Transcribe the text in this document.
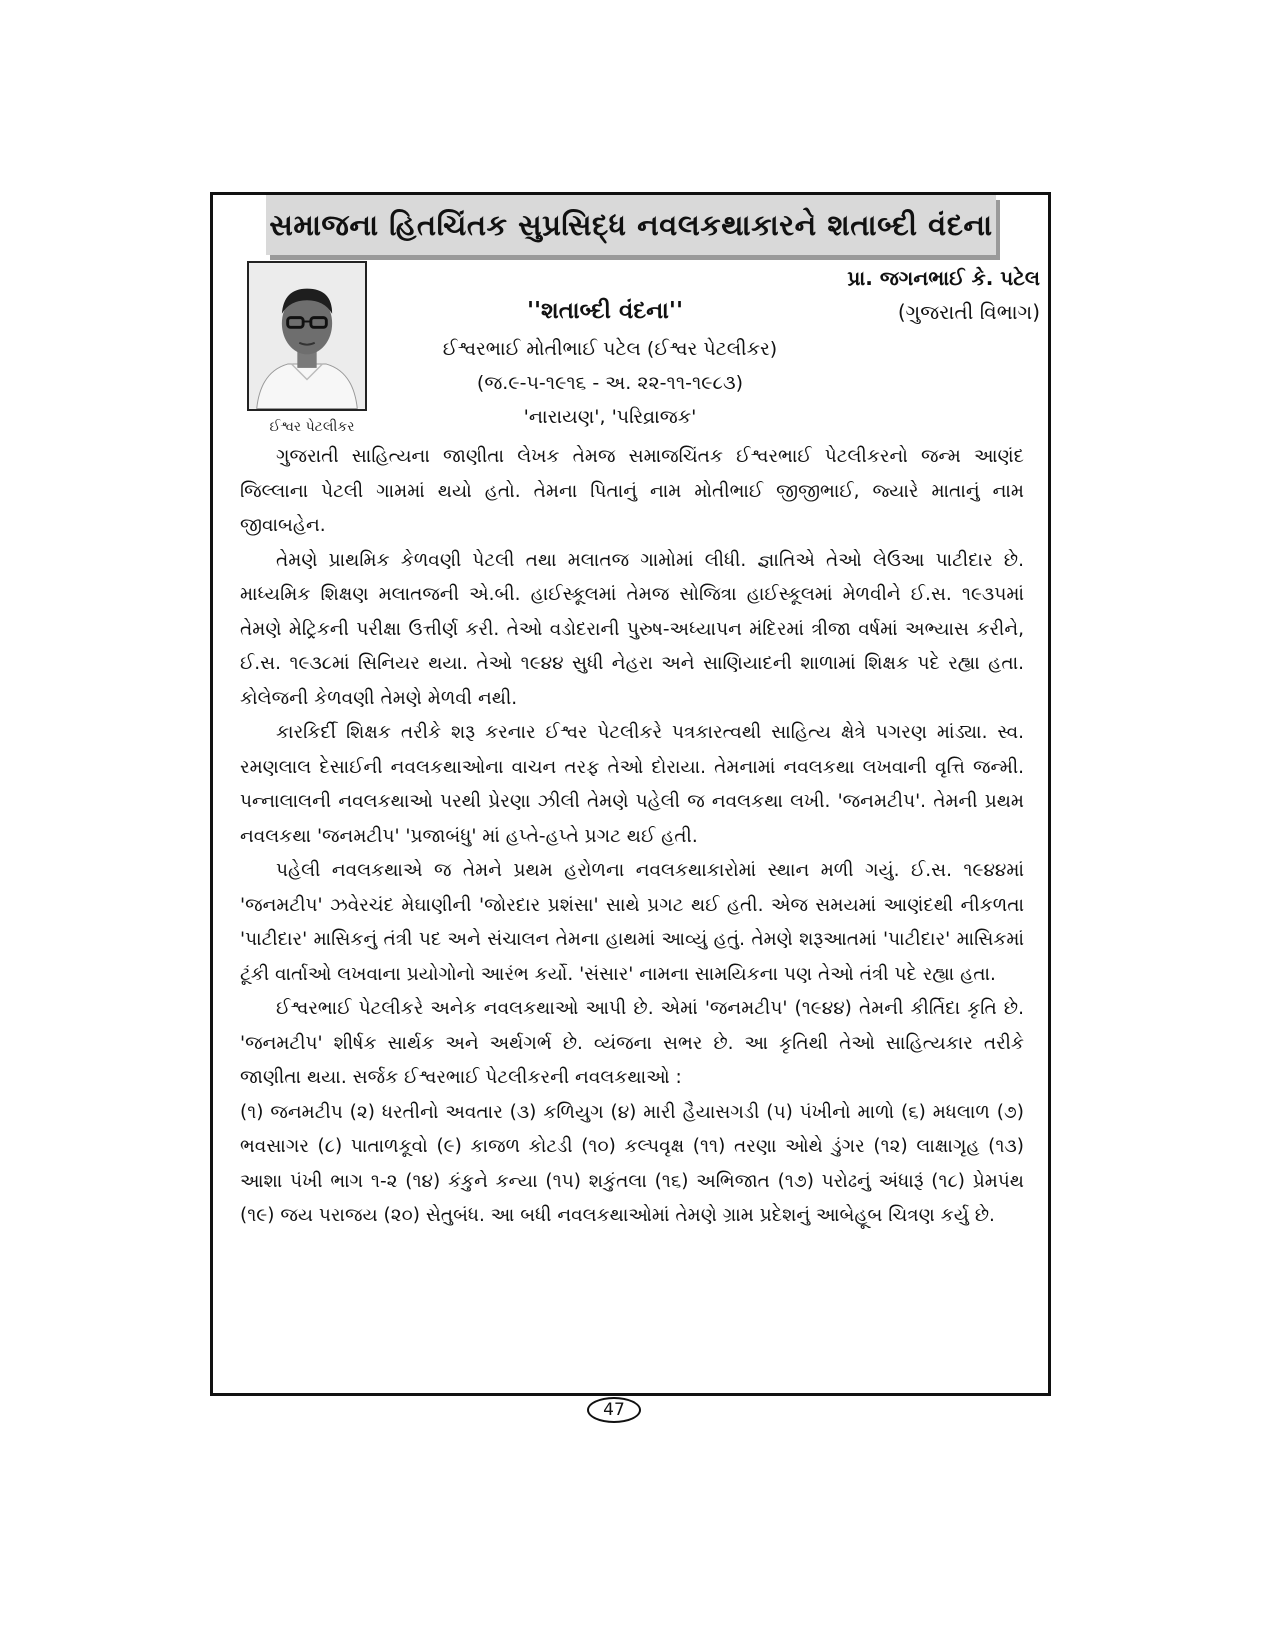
સમાજના હિતચિંતક સુપ્રસિદ્ધ નવલકથાકારને શતાબ્દી વંદના
ઈશ્વર પેટલીકર
પ્રા. જગનભાઈ કે. પટેલ
(ગુજરાતી વિભાગ)
''શતાબ્દી વંદના''
ઈશ્વરભાઈ મોતીભાઈ પટેલ (ઈશ્વર પેટલીકર)
(જ.૯-૫-૧૯૧૬ - અ. ૨૨-૧૧-૧૯૮૩)
'નારાયણ', 'પરિવ્રાજક'

ગુજરાતી સાહિત્યના જાણીતા લેખક તેમજ સમાજચિંતક ઈશ્વરભાઈ પેટલીકરનો જન્મ આણંદ જિલ્લાના પેટલી ગામમાં થયો હતો. તેમના પિતાનું નામ મોતીભાઈ જીજીભાઈ, જ્યારે માતાનું નામ જીવાબહેન.

તેમણે પ્રાથમિક કેળવણી પેટલી તથા મલાતજ ગામોમાં લીધી. જ્ઞાતિએ તેઓ લેઉઆ પાટીદાર છે. માધ્યમિક શિક્ષણ મલાતજની એ.બી. હાઈસ્કૂલમાં તેમજ સોજિત્રા હાઈસ્કૂલમાં મેળવીને ઈ.સ. ૧૯૩૫માં તેમણે મેટ્રિકની પરીક્ષા ઉત્તીર્ણ કરી. તેઓ વડોદરાની પુરુષ-અધ્યાપન મંદિરમાં ત્રીજા વર્ષમાં અભ્યાસ કરીને, ઈ.સ. ૧૯૩૮માં સિનિયર થયા. તેઓ ૧૯૪૪ સુધી નેહરા અને સાણિયાદની શાળામાં શિક્ષક પદે રહ્યા હતા. કોલેજની કેળવણી તેમણે મેળવી નથી.

કારકિર્દી શિક્ષક તરીકે શરૂ કરનાર ઈશ્વર પેટલીકરે પત્રકારત્વથી સાહિત્ય ક્ષેત્રે પગરણ માંડ્યા. સ્વ. રમણલાલ દેસાઈની નવલકથાઓના વાચન તરફ તેઓ દોરાયા. તેમનામાં નવલકથા લખવાની વૃત્તિ જન્મી. પન્નાલાલની નવલકથાઓ પરથી પ્રેરણા ઝીલી તેમણે પહેલી જ નવલકથા લખી. 'જનમટીપ'. તેમની પ્રથમ નવલકથા 'જનમટીપ' 'પ્રજાબંધુ' માં હપ્તે-હપ્તે પ્રગટ થઈ હતી.

પહેલી નવલકથાએ જ તેમને પ્રથમ હરોળના નવલકથાકારોમાં સ્થાન મળી ગયું. ઈ.સ. ૧૯૪૪માં 'જનમટીપ' ઝવેરચંદ મેઘાણીની 'જોરદાર પ્રશંસા' સાથે પ્રગટ થઈ હતી. એજ સમયમાં આણંદથી નીકળતા 'પાટીદાર' માસિકનું તંત્રી પદ અને સંચાલન તેમના હાથમાં આવ્યું હતું. તેમણે શરૂઆતમાં 'પાટીદાર' માસિકમાં ટૂંકી વાર્તાઓ લખવાના પ્રયોગોનો આરંભ કર્યો. 'સંસાર' નામના સામયિકના પણ તેઓ તંત્રી પદે રહ્યા હતા.

ઈશ્વરભાઈ પેટલીકરે અનેક નવલકથાઓ આપી છે. એમાં 'જનમટીપ' (૧૯૪૪) તેમની કીર્તિદા કૃતિ છે. 'જનમટીપ' શીર્ષક સાર્થક અને અર્થગર્ભ છે. વ્યંજના સભર છે. આ કૃતિથી તેઓ સાહિત્યકાર તરીકે જાણીતા થયા. સર્જક ઈશ્વરભાઈ પેટલીકરની નવલકથાઓ :

(૧) જનમટીપ (૨) ધરતીનો અવતાર (૩) કળિયુગ (૪) મારી હૈયાસગડી (૫) પંખીનો માળો (૬) મધલાળ (૭) ભવસાગર (૮) પાતાળકૂવો (૯) કાજળ કોટડી (૧૦) કલ્પવૃક્ષ (૧૧) તરણા ઓથે ડુંગર (૧૨) લાક્ષાગૃહ (૧૩) આશા પંખી ભાગ ૧-૨ (૧૪) કંકુને કન્યા (૧૫) શકુંતલા (૧૬) અભિજાત (૧૭) પરોઢનું અંધારૂં (૧૮) પ્રેમપંથ (૧૯) જય પરાજય (૨૦) સેતુબંધ. આ બધી નવલકથાઓમાં તેમણે ગ્રામ પ્રદેશનું આબેહૂબ ચિત્રણ કર્યુ છે.

47
